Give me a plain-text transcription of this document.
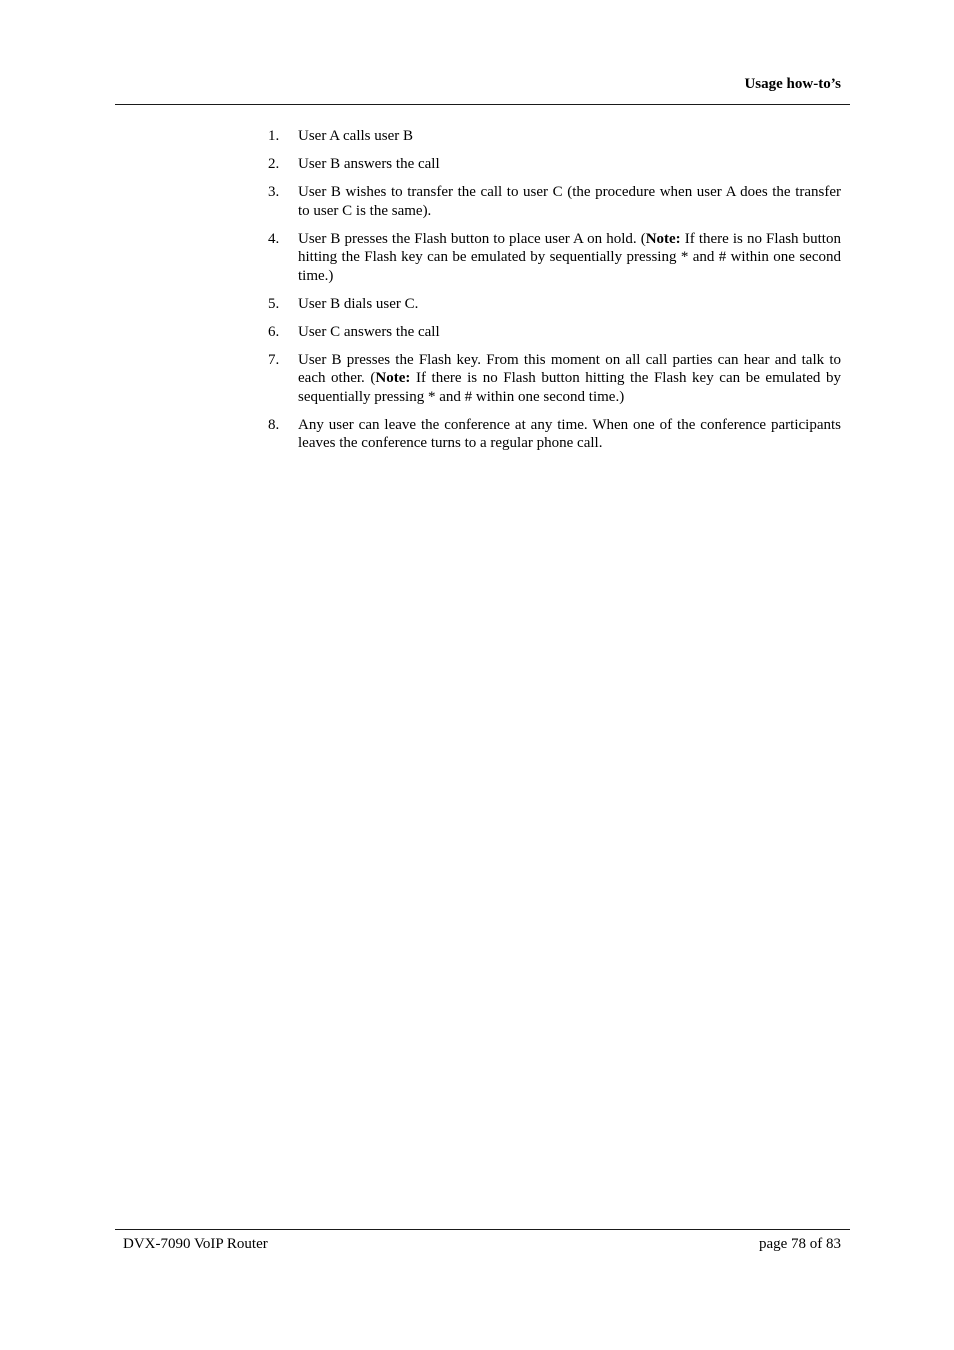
Usage how-to’s
1.	User A calls user B
2.	User B answers the call
3.	User B wishes to transfer the call to user C (the procedure when user A does the transfer to user C is the same).
4.	User B presses the Flash button to place user A on hold. (Note: If there is no Flash button hitting the Flash key can be emulated by sequentially pressing * and # within one second time.)
5.	User B dials user C.
6.	User C answers the call
7.	User B presses the Flash key. From this moment on all call parties can hear and talk to each other. (Note: If there is no Flash button hitting the Flash key can be emulated by sequentially pressing * and # within one second time.)
8.	Any user can leave the conference at any time. When one of the conference participants leaves the conference turns to a regular phone call.
DVX-7090 VoIP Router	page 78 of 83
